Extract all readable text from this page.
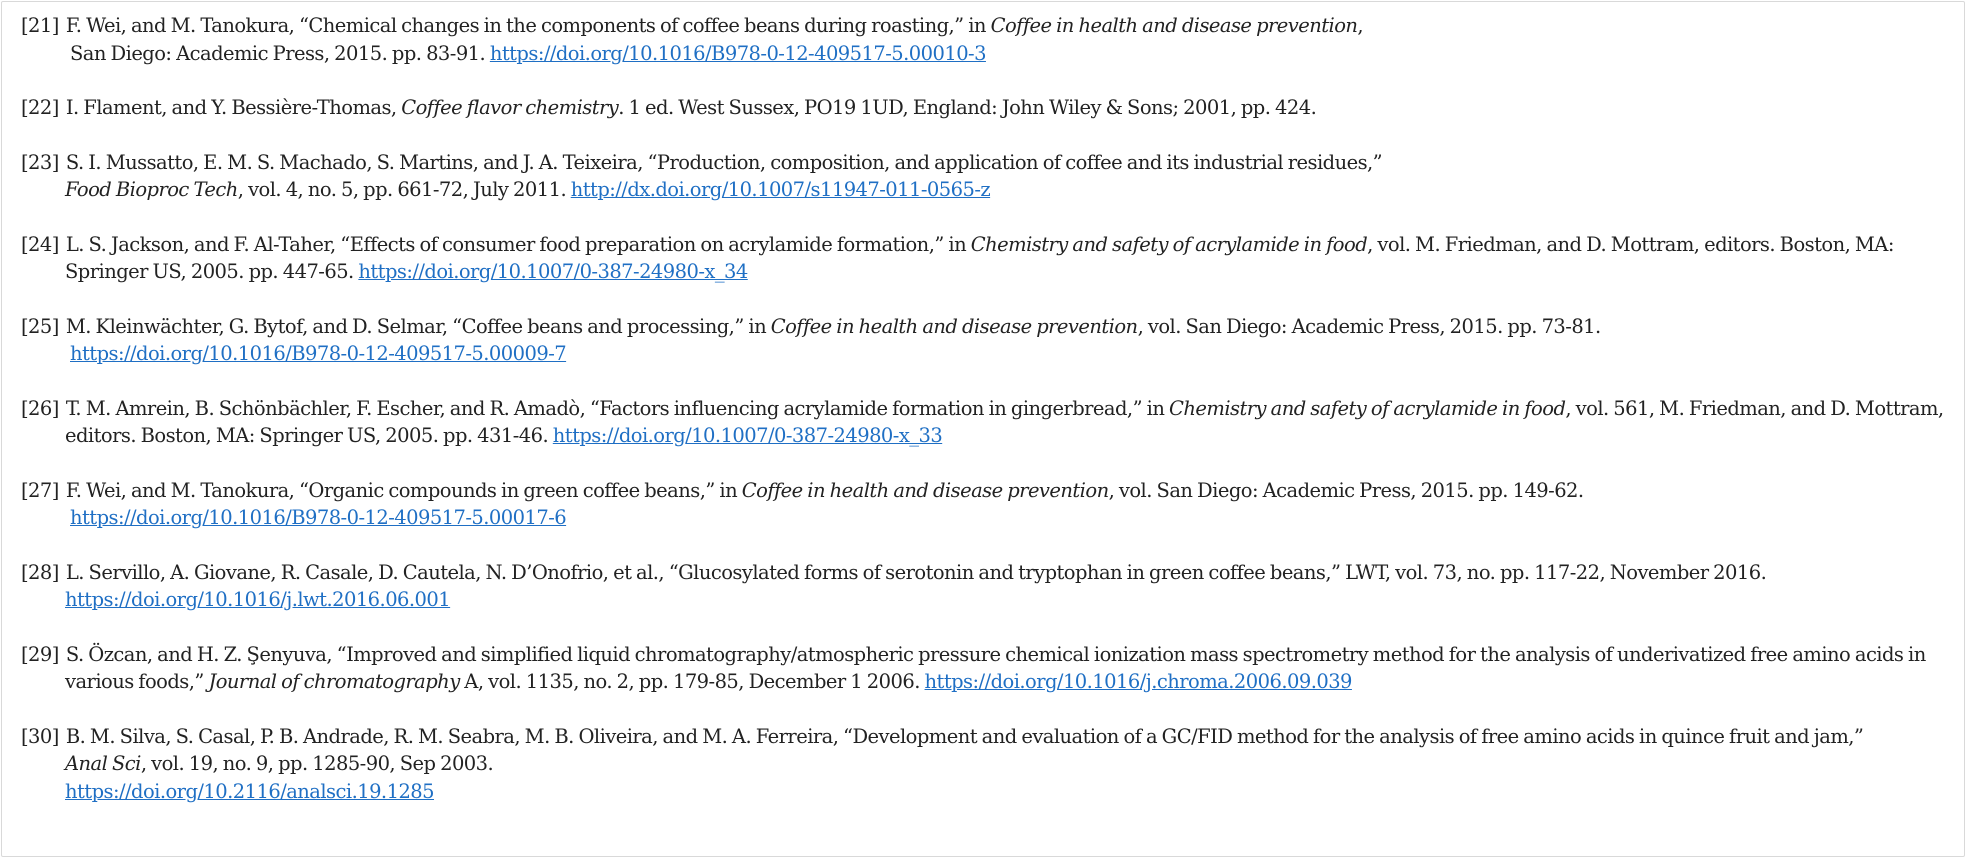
[21] F. Wei, and M. Tanokura, “Chemical changes in the components of coffee beans during roasting,” in Coffee in health and disease prevention,
San Diego: Academic Press, 2015. pp. 83-91. https://doi.org/10.1016/B978-0-12-409517-5.00010-3
[22] I. Flament, and Y. Bessière-Thomas, Coffee flavor chemistry. 1 ed. West Sussex, PO19 1UD, England: John Wiley & Sons; 2001, pp. 424.
[23] S. I. Mussatto, E. M. S. Machado, S. Martins, and J. A. Teixeira, “Production, composition, and application of coffee and its industrial residues,”
Food Bioproc Tech, vol. 4, no. 5, pp. 661-72, July 2011. http://dx.doi.org/10.1007/s11947-011-0565-z
[24] L. S. Jackson, and F. Al-Taher, “Effects of consumer food preparation on acrylamide formation,” in Chemistry and safety of acrylamide in food, vol. M. Friedman, and D. Mottram, editors. Boston, MA:
Springer US, 2005. pp. 447-65. https://doi.org/10.1007/0-387-24980-x_34
[25] M. Kleinwächter, G. Bytof, and D. Selmar, “Coffee beans and processing,” in Coffee in health and disease prevention, vol. San Diego: Academic Press, 2015. pp. 73-81.
https://doi.org/10.1016/B978-0-12-409517-5.00009-7
[26] T. M. Amrein, B. Schönbächler, F. Escher, and R. Amadò, “Factors influencing acrylamide formation in gingerbread,” in Chemistry and safety of acrylamide in food, vol. 561, M. Friedman, and D. Mottram,
editors. Boston, MA: Springer US, 2005. pp. 431-46. https://doi.org/10.1007/0-387-24980-x_33
[27] F. Wei, and M. Tanokura, “Organic compounds in green coffee beans,” in Coffee in health and disease prevention, vol. San Diego: Academic Press, 2015. pp. 149-62.
https://doi.org/10.1016/B978-0-12-409517-5.00017-6
[28] L. Servillo, A. Giovane, R. Casale, D. Cautela, N. D’Onofrio, et al., “Glucosylated forms of serotonin and tryptophan in green coffee beans,” LWT, vol. 73, no. pp. 117-22, November 2016.
https://doi.org/10.1016/j.lwt.2016.06.001
[29] S. Özcan, and H. Z. Şenyuva, “Improved and simplified liquid chromatography/atmospheric pressure chemical ionization mass spectrometry method for the analysis of underivatized free amino acids in
various foods,” Journal of chromatography A, vol. 1135, no. 2, pp. 179-85, December 1 2006. https://doi.org/10.1016/j.chroma.2006.09.039
[30] B. M. Silva, S. Casal, P. B. Andrade, R. M. Seabra, M. B. Oliveira, and M. A. Ferreira, “Development and evaluation of a GC/FID method for the analysis of free amino acids in quince fruit and jam,”
Anal Sci, vol. 19, no. 9, pp. 1285-90, Sep 2003.
https://doi.org/10.2116/analsci.19.1285
